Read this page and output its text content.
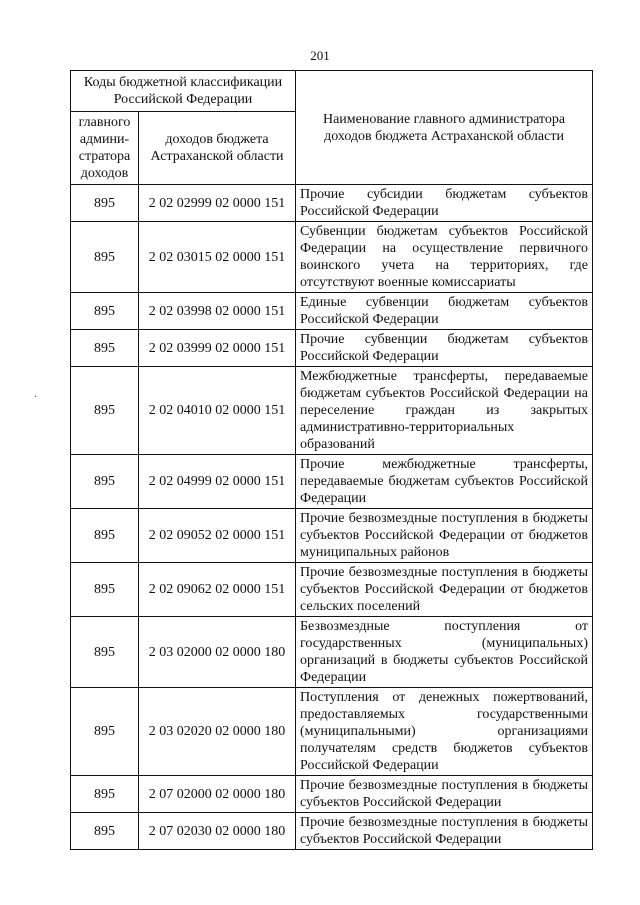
201
.
Коды бюджетной классификации Российской Федерации		Наименование главного администратора доходов бюджета Астраханской области
главного админи-стратора доходов	доходов бюджета Астраханской области	
895	2 02 02999 02 0000 151	Прочие субсидии бюджетам субъектов Российской Федерации
895	2 02 03015 02 0000 151	Субвенции бюджетам субъектов Российской Федерации на осуществление первичного воинского учета на территориях, где отсутствуют военные комиссариаты
895	2 02 03998 02 0000 151	Единые субвенции бюджетам субъектов Российской Федерации
895	2 02 03999 02 0000 151	Прочие субвенции бюджетам субъектов Российской Федерации
895	2 02 04010 02 0000 151	Межбюджетные трансферты, передаваемые бюджетам субъектов Российской Федерации на переселение граждан из закрытых административно-территориальных образований
895	2 02 04999 02 0000 151	Прочие межбюджетные трансферты, передаваемые бюджетам субъектов Российской Федерации
895	2 02 09052 02 0000 151	Прочие безвозмездные поступления в бюджеты субъектов Российской Федерации от бюджетов муниципальных районов
895	2 02 09062 02 0000 151	Прочие безвозмездные поступления в бюджеты субъектов Российской Федерации от бюджетов сельских поселений
895	2 03 02000 02 0000 180	Безвозмездные поступления от государственных (муниципальных) организаций в бюджеты субъектов Российской Федерации
895	2 03 02020 02 0000 180	Поступления от денежных пожертвований, предоставляемых государственными (муниципальными) организациями получателям средств бюджетов субъектов Российской Федерации
895	2 07 02000 02 0000 180	Прочие безвозмездные поступления в бюджеты субъектов Российской Федерации
895	2 07 02030 02 0000 180	Прочие безвозмездные поступления в бюджеты субъектов Российской Федерации
